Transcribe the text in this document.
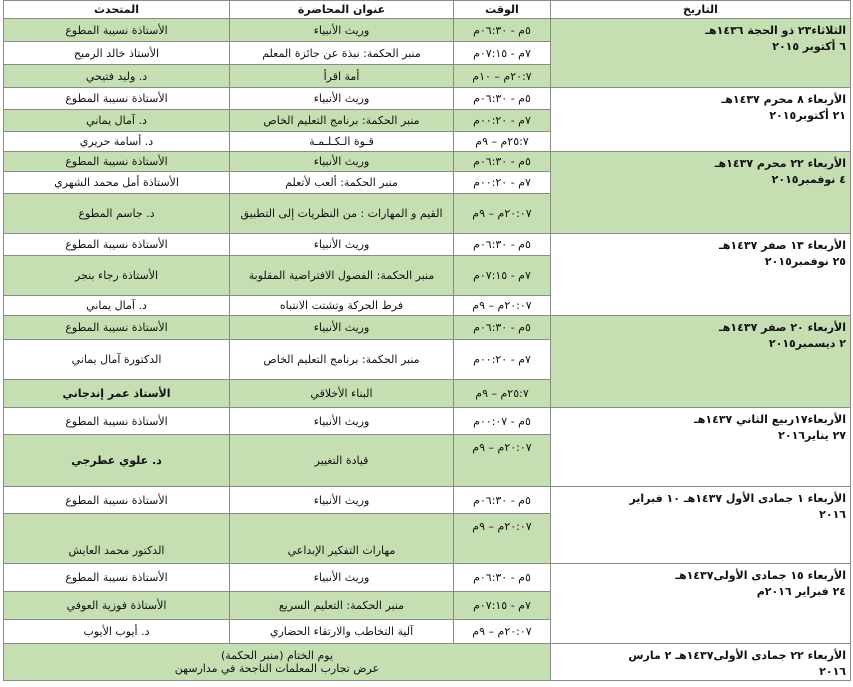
التاريخ	الوقت	عنوان المحاضرة	المتحدث
الثلاثاء٢٣ ذو الحجة ١٤٣٦هـ
٦ أكتوبر ٢٠١٥	٥م - ٠٦:٣٠م	وريث الأنبياء	الأستاذة نسيبة المطوع
	٧م - ٠٧:١٥م	منبر الحكمة: نبذة عن جائزة المعلم	الأستاذ خالد الرميح
	٢٠:٧م – ١٠م	أمة اقرأ	د. وليد فتيحي
الأربعاء ٨ محرم ١٤٣٧هـ
٢١ أكتوبر٢٠١٥	٥م - ٠٦:٣٠م	وريث الأنبياء	الأستاذة نسيبة المطوع
	٧م - ٠٠:٢٠م	منبر الحكمة: برنامج التعليم الخاص	د. آمال يماني
	٢٥:٧م – ٩م	قـوة الـكـلـمـة	د. أسامة حريري
الأربعاء ٢٢ محرم ١٤٣٧هـ
٤ نوفمبر٢٠١٥	٥م - ٠٦:٣٠م	وريث الأنبياء	الأستاذة نسيبة المطوع
	٧م - ٠٠:٢٠م	منبر الحكمة: ألعب لأتعلم	الأستاذة أمل محمد الشهري
	٢٠:٠٧م – ٩م	القيم و المهارات : من النظريات إلى التطبيق	د. جاسم المطوع
الأربعاء ١٣ صفر ١٤٣٧هـ
٢٥ نوفمبر٢٠١٥	٥م - ٠٦:٣٠م	وريث الأنبياء	الأستاذة نسيبة المطوع
	٧م - ٠٧:١٥م	منبر الحكمة: الفصول الافتراضية المقلوبة	الأستاذة رجاء بنجر
	٢٠:٠٧م – ٩م	فرط الحركة وتشتت الانتباه	د. آمال يماني
الأربعاء ٢٠ صفر ١٤٣٧هـ
٢ ديسمبر٢٠١٥	٥م - ٠٦:٣٠م	وريث الأنبياء	الأستاذة نسيبة المطوع
	٧م - ٠٠:٢٠م	منبر الحكمة: برنامج التعليم الخاص	الدكتورة آمال يماني
	٢٥:٧م – ٩م	البناء الأخلاقي	الأستاذ عمر إندجاني
الأربعاء١٧ربيع الثاني ١٤٣٧هـ
٢٧ يناير٢٠١٦	٥م - ٠٠:٠٧م	وريث الأنبياء	الأستاذة نسيبة المطوع
	٢٠:٠٧م – ٩م	قيادة التغيير	د. علوي عطرجي
الأربعاء ١ جمادى الأول ١٤٣٧هـ ١٠ فبراير
٢٠١٦	٥م - ٠٦:٣٠م	وريث الأنبياء	الأستاذة نسيبة المطوع
	٢٠:٠٧م – ٩م	مهارات التفكير الإبداعي	الدكتور محمد العايش
الأربعاء ١٥ جمادى الأولى١٤٣٧هـ
٢٤ فبراير ٢٠١٦م	٥م - ٠٦:٣٠م	وريث الأنبياء	الأستاذة نسيبة المطوع
	٧م - ٠٧:١٥م	منبر الحكمة: التعليم السريع	الأستاذة فوزية العوفي
	٢٠:٠٧م – ٩م	آلية التخاطب والارتقاء الحضاري	د. أيوب الأيوب
الأربعاء ٢٢ جمادى الأولى١٤٣٧هـ ٢ مارس
٢٠١٦	يوم الختام (منبر الحكمة)
عرض تجارب المعلمات الناجحة في مدارسهن		
